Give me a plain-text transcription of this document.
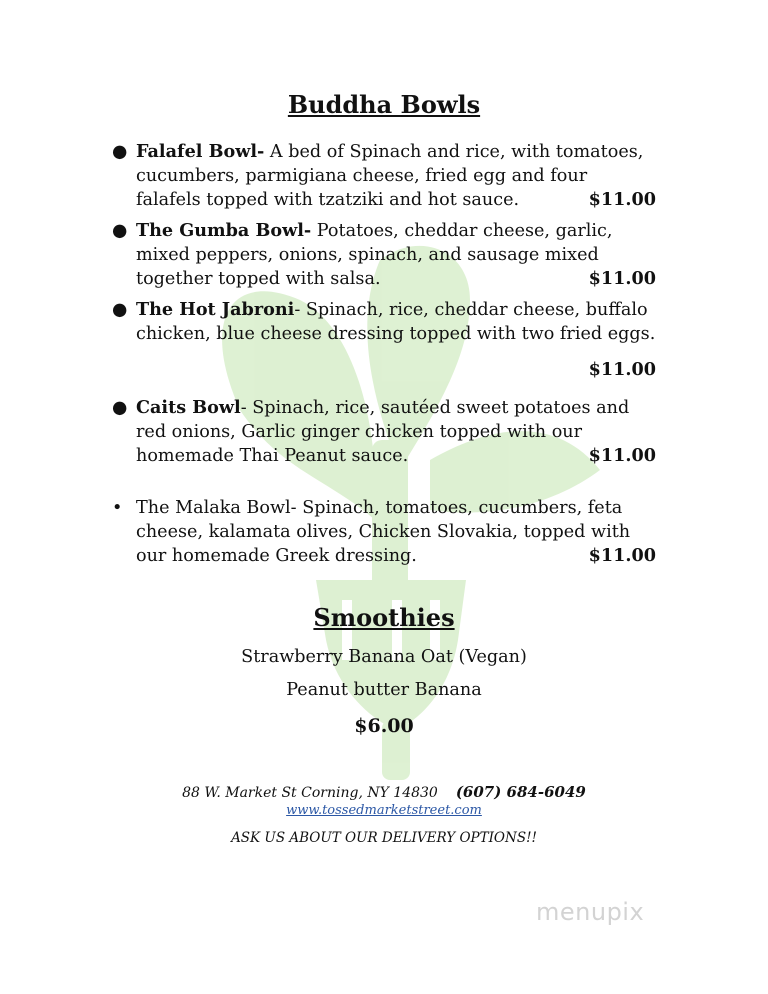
Buddha Bowls
● Falafel Bowl- A bed of Spinach and rice, with tomatoes, cucumbers, parmigiana cheese, fried egg and four falafels topped with tzatziki and hot sauce.	$11.00
● The Gumba Bowl- Potatoes, cheddar cheese, garlic, mixed peppers, onions, spinach, and sausage mixed together topped with salsa.	$11.00
● The Hot Jabroni- Spinach, rice, cheddar cheese, buffalo chicken, blue cheese dressing topped with two fried eggs.
$11.00
● Caits Bowl- Spinach, rice, sautéed sweet potatoes and red onions, Garlic ginger chicken topped with our homemade Thai Peanut sauce.	$11.00
• The Malaka Bowl- Spinach, tomatoes, cucumbers, feta cheese, kalamata olives, Chicken Slovakia, topped with our homemade Greek dressing.	$11.00
Smoothies
Strawberry Banana Oat (Vegan)
Peanut butter Banana
$6.00
88 W. Market St Corning, NY 14830 (607) 684-6049
www.tossedmarketstreet.com
ASK US ABOUT OUR DELIVERY OPTIONS!!
menupix
